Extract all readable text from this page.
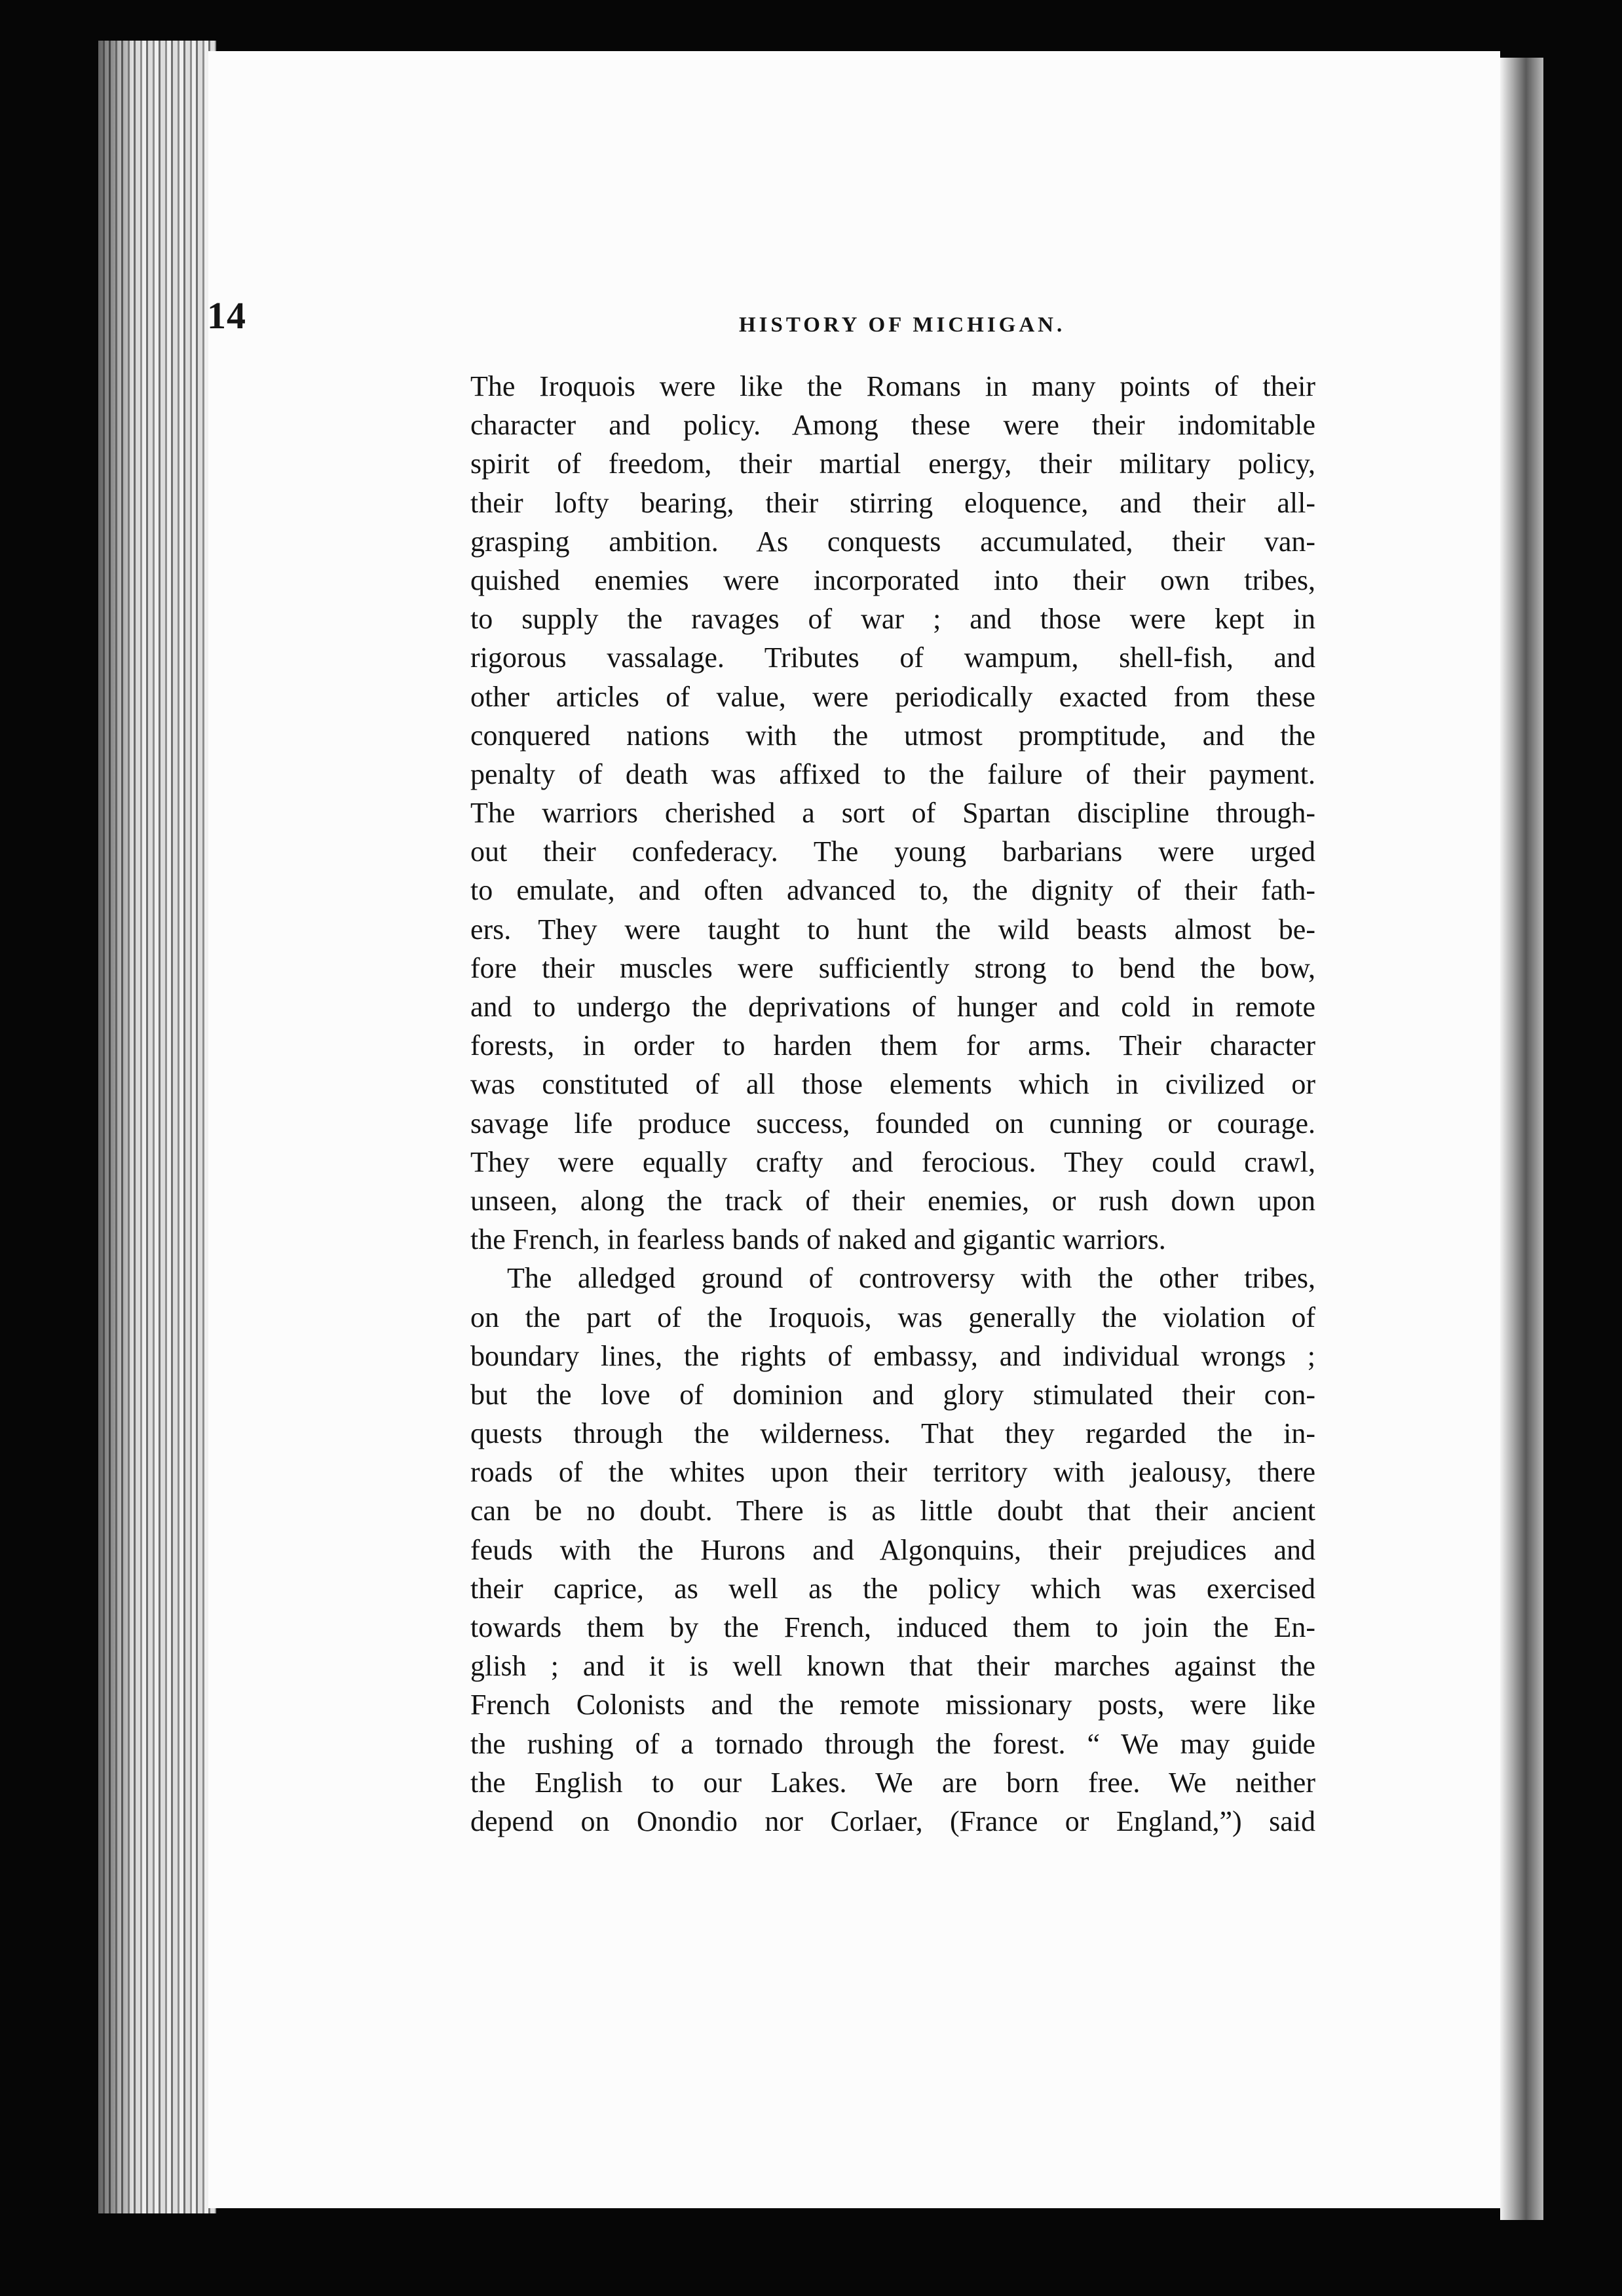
14	HISTORY OF MICHIGAN.
The Iroquois were like the Romans in many points of their
character and policy. Among these were their indomitable
spirit of freedom, their martial energy, their military policy,
their lofty bearing, their stirring eloquence, and their all-
grasping ambition. As conquests accumulated, their van-
quished enemies were incorporated into their own tribes,
to supply the ravages of war ; and those were kept in
rigorous vassalage. Tributes of wampum, shell-fish, and
other articles of value, were periodically exacted from these
conquered nations with the utmost promptitude, and the
penalty of death was affixed to the failure of their payment.
The warriors cherished a sort of Spartan discipline through-
out their confederacy. The young barbarians were urged
to emulate, and often advanced to, the dignity of their fath-
ers. They were taught to hunt the wild beasts almost be-
fore their muscles were sufficiently strong to bend the bow,
and to undergo the deprivations of hunger and cold in remote
forests, in order to harden them for arms. Their character
was constituted of all those elements which in civilized or
savage life produce success, founded on cunning or courage.
They were equally crafty and ferocious. They could crawl,
unseen, along the track of their enemies, or rush down upon
the French, in fearless bands of naked and gigantic warriors.
The alledged ground of controversy with the other tribes,
on the part of the Iroquois, was generally the violation of
boundary lines, the rights of embassy, and individual wrongs ;
but the love of dominion and glory stimulated their con-
quests through the wilderness. That they regarded the in-
roads of the whites upon their territory with jealousy, there
can be no doubt. There is as little doubt that their ancient
feuds with the Hurons and Algonquins, their prejudices and
their caprice, as well as the policy which was exercised
towards them by the French, induced them to join the En-
glish ; and it is well known that their marches against the
French Colonists and the remote missionary posts, were like
the rushing of a tornado through the forest. “ We may guide
the English to our Lakes. We are born free. We neither
depend on Onondio nor Corlaer, (France or England,”) said
